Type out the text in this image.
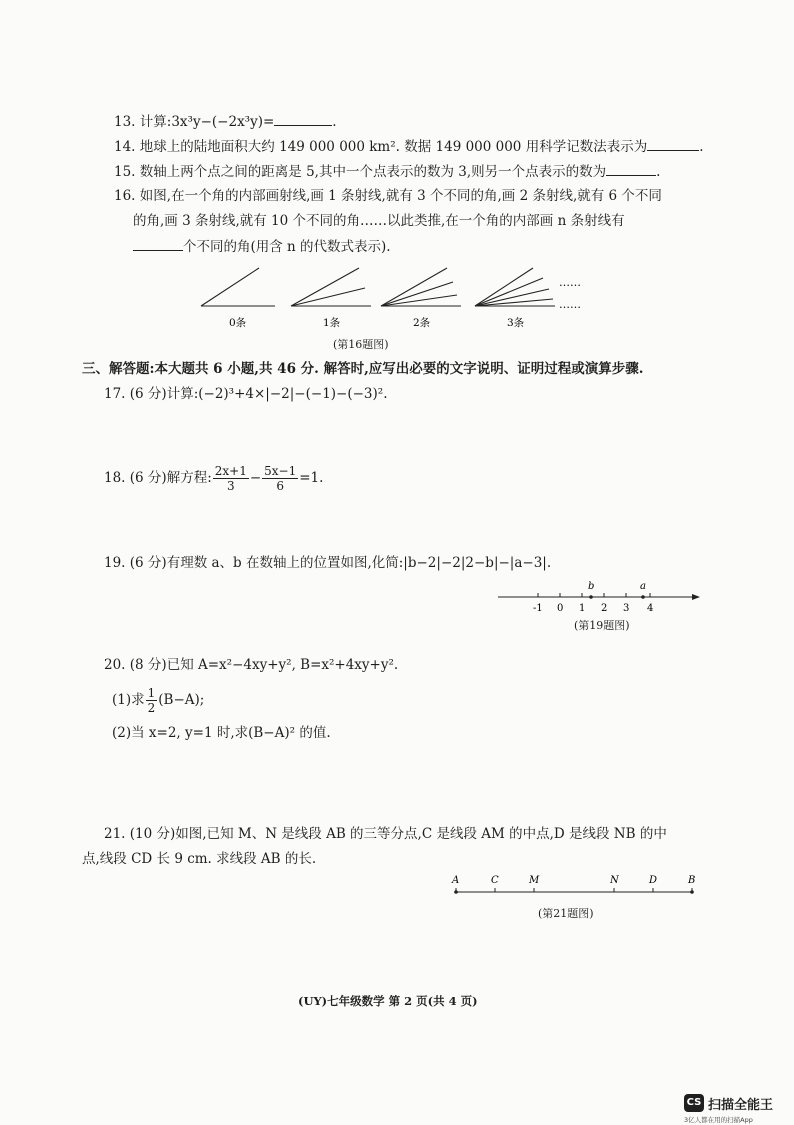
13. 计算:3x³y−(−2x³y)=	.
14. 地球上的陆地面积大约 149 000 000 km². 数据 149 000 000 用科学记数法表示为	.
15. 数轴上两个点之间的距离是 5,其中一个点表示的数为 3,则另一个点表示的数为	.
16. 如图,在一个角的内部画射线,画 1 条射线,就有 3 个不同的角,画 2 条射线,就有 6 个不同
的角,画 3 条射线,就有 10 个不同的角……以此类推,在一个角的内部画 n 条射线有
个不同的角(用含 n 的代数式表示).
……
……
0条	1条	2条	3条
(第16题图)
三、解答题:本大题共 6 小题,共 46 分. 解答时,应写出必要的文字说明、证明过程或演算步骤.
17. (6 分)计算:(−2)³+4×|−2|−(−1)−(−3)².
18. (6 分)解方程: $\frac{2x+1}{3} - \frac{5x-1}{6} =1$.
19. (6 分)有理数 a、b 在数轴上的位置如图,化简:|b−2|−2|2−b|−|a−3|.
b	a
-1 0 1 2 3 4
(第19题图)
20. (8 分)已知 A=x²−4xy+y², B=x²+4xy+y².
(1)求 $\frac{1}{2} (B-A)$;
(2)当 x=2, y=1 时,求(B−A)² 的值.
21. (10 分)如图,已知 M、N 是线段 AB 的三等分点,C 是线段 AM 的中点,D 是线段 NB 的中
点,线段 CD 长 9 cm. 求线段 AB 的长.
A	C	M	N	D	B
(第21题图)
(UY)七年级数学 第 2 页(共 4 页)
CS 扫描全能王
3亿人都在用的扫描App
